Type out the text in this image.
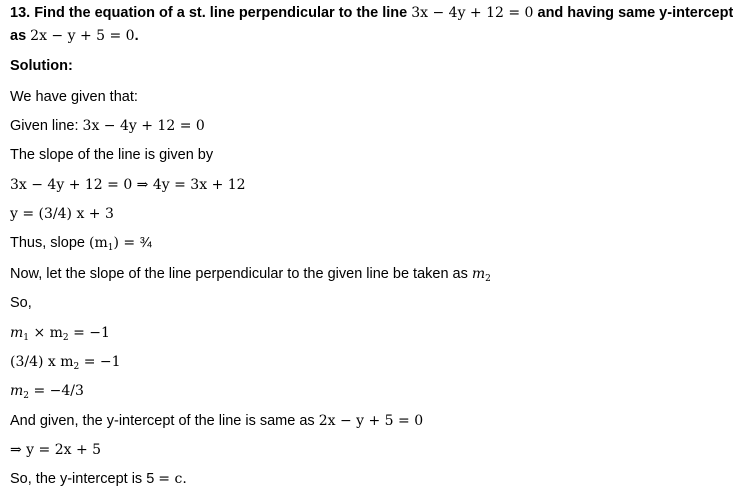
13. Find the equation of a st. line perpendicular to the line 3x − 4y + 12 = 0 and having same y-intercept
as 2x − y + 5 = 0.
Solution:
We have given that:
Given line: 3x − 4y + 12 = 0
The slope of the line is given by
3x − 4y + 12 = 0 ⇒ 4y = 3x + 12
y = (3/4) x + 3
Thus, slope $(m_1)$ = ¾
Now, let the slope of the line perpendicular to the given line be taken as $m_2$
So,
$m_1 \times m_2 = -1$
(3/4) x $m_2 = -1$
$m_2 = -4/3$
And given, the y-intercept of the line is same as 2x − y + 5 = 0
⇒ y = 2x + 5
So, the y-intercept is 5 = c.
